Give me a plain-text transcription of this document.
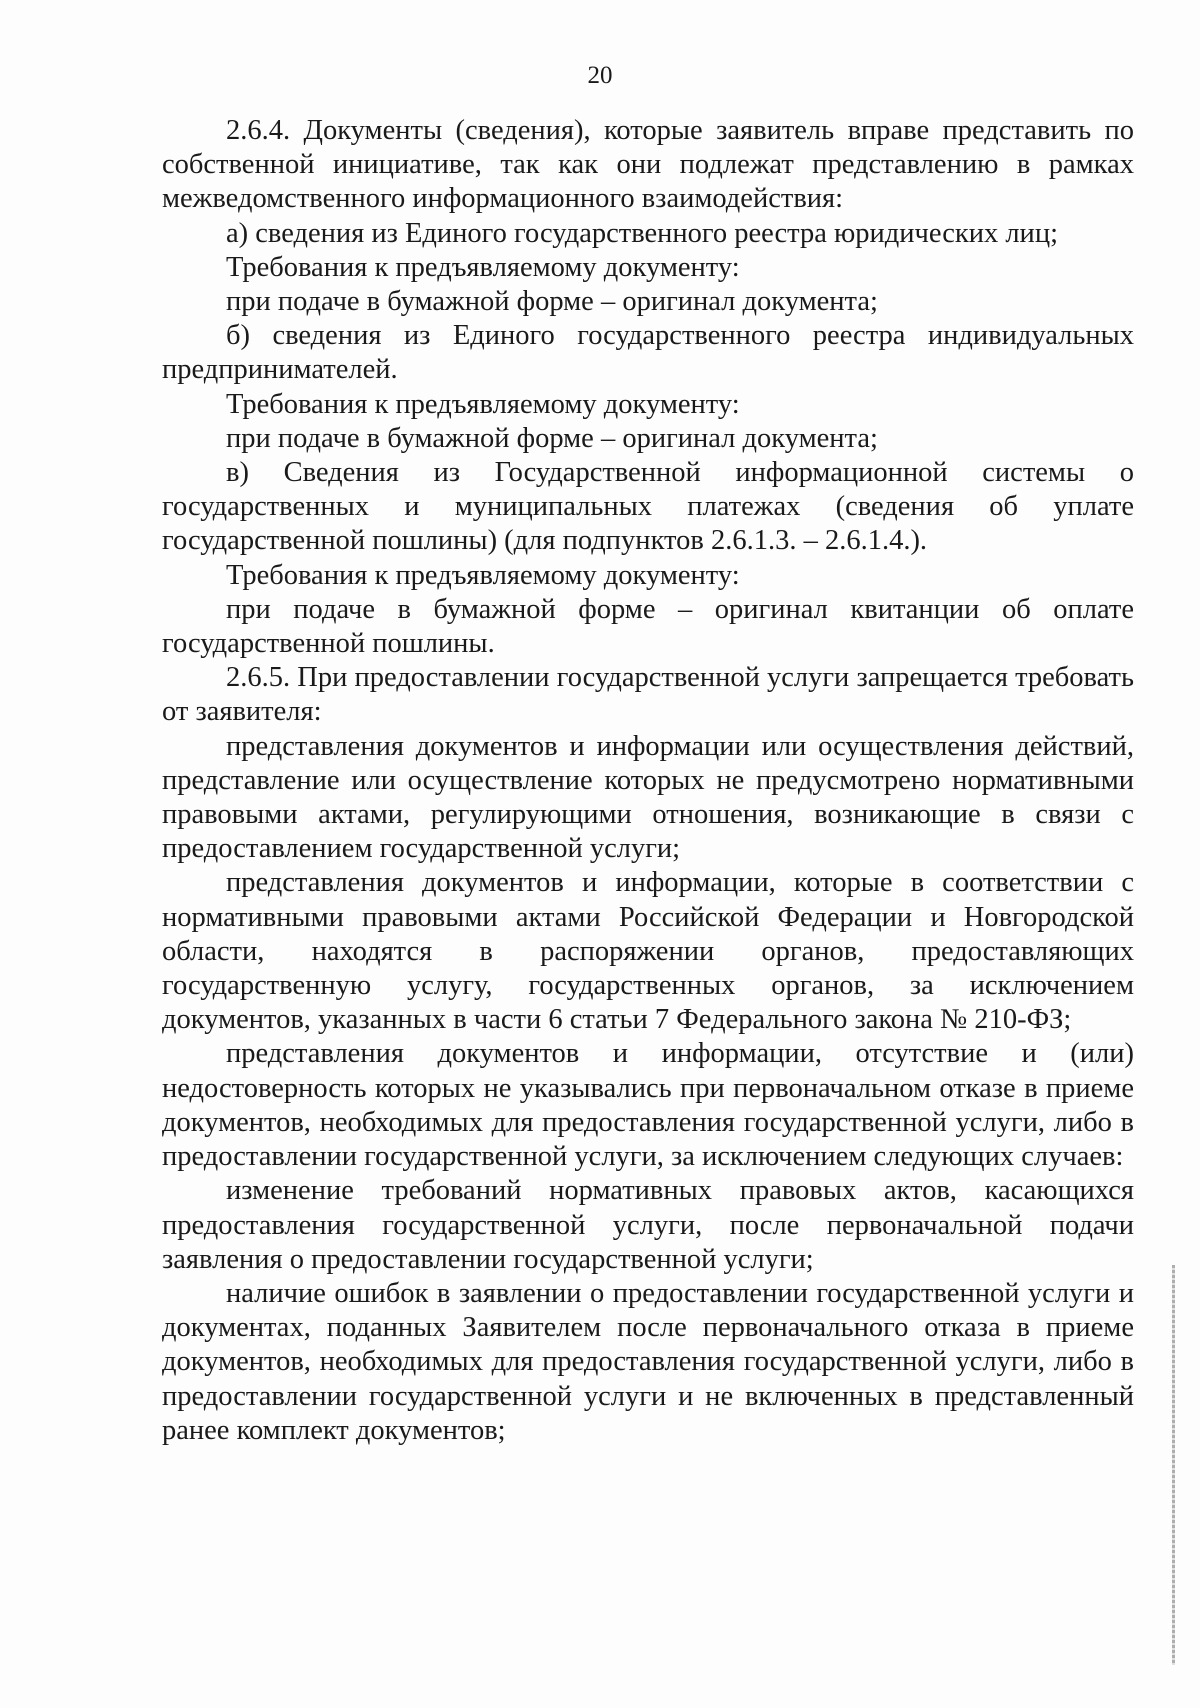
20

2.6.4. Документы (сведения), которые заявитель вправе представить по собственной инициативе, так как они подлежат представлению в рамках межведомственного информационного взаимодействия:

а) сведения из Единого государственного реестра юридических лиц;

Требования к предъявляемому документу:

при подаче в бумажной форме – оригинал документа;

б) сведения из Единого государственного реестра индивидуальных предпринимателей.

Требования к предъявляемому документу:

при подаче в бумажной форме – оригинал документа;

в) Сведения из Государственной информационной системы о государственных и муниципальных платежах (сведения об уплате государственной пошлины) (для подпунктов 2.6.1.3. – 2.6.1.4.).

Требования к предъявляемому документу:

при подаче в бумажной форме – оригинал квитанции об оплате государственной пошлины.

2.6.5. При предоставлении государственной услуги запрещается требовать от заявителя:

представления документов и информации или осуществления действий, представление или осуществление которых не предусмотрено нормативными правовыми актами, регулирующими отношения, возникающие в связи с предоставлением государственной услуги;

представления документов и информации, которые в соответствии с нормативными правовыми актами Российской Федерации и Новгородской области, находятся в распоряжении органов, предоставляющих государственную услугу, государственных органов, за исключением документов, указанных в части 6 статьи 7 Федерального закона № 210-ФЗ;

представления документов и информации, отсутствие и (или) недостоверность которых не указывались при первоначальном отказе в приеме документов, необходимых для предоставления государственной услуги, либо в предоставлении государственной услуги, за исключением следующих случаев:

изменение требований нормативных правовых актов, касающихся предоставления государственной услуги, после первоначальной подачи заявления о предоставлении государственной услуги;

наличие ошибок в заявлении о предоставлении государственной услуги и документах, поданных Заявителем после первоначального отказа в приеме документов, необходимых для предоставления государственной услуги, либо в предоставлении государственной услуги и не включенных в представленный ранее комплект документов;
